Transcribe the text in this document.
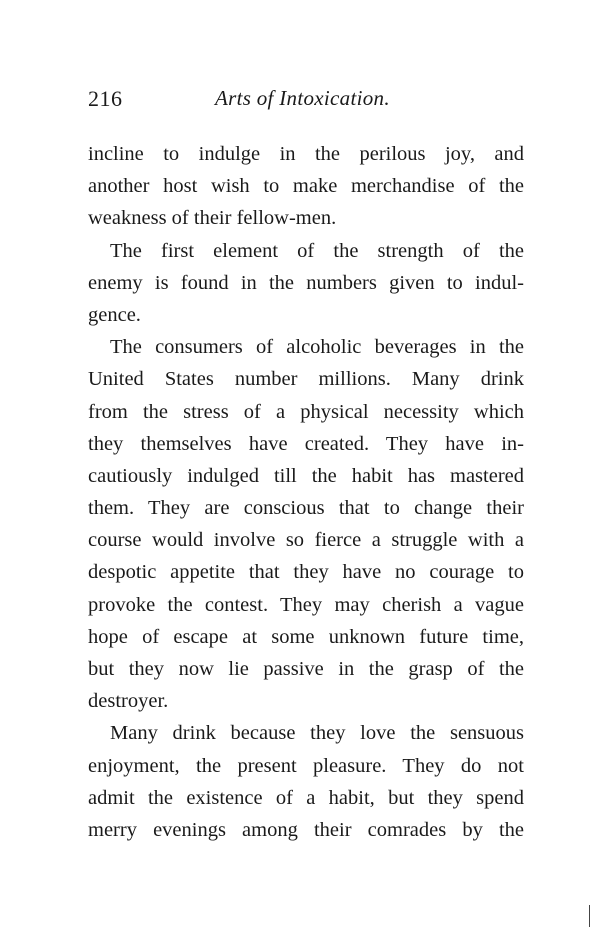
216	Arts of Intoxication.
incline to indulge in the perilous joy, and
another host wish to make merchandise of the
weakness of their fellow-men.
The first element of the strength of the
enemy is found in the numbers given to indul-
gence.
The consumers of alcoholic beverages in the
United States number millions. Many drink
from the stress of a physical necessity which
they themselves have created. They have in-
cautiously indulged till the habit has mastered
them. They are conscious that to change their
course would involve so fierce a struggle with a
despotic appetite that they have no courage to
provoke the contest. They may cherish a vague
hope of escape at some unknown future time,
but they now lie passive in the grasp of the
destroyer.
Many drink because they love the sensuous
enjoyment, the present pleasure. They do not
admit the existence of a habit, but they spend
merry evenings among their comrades by the
